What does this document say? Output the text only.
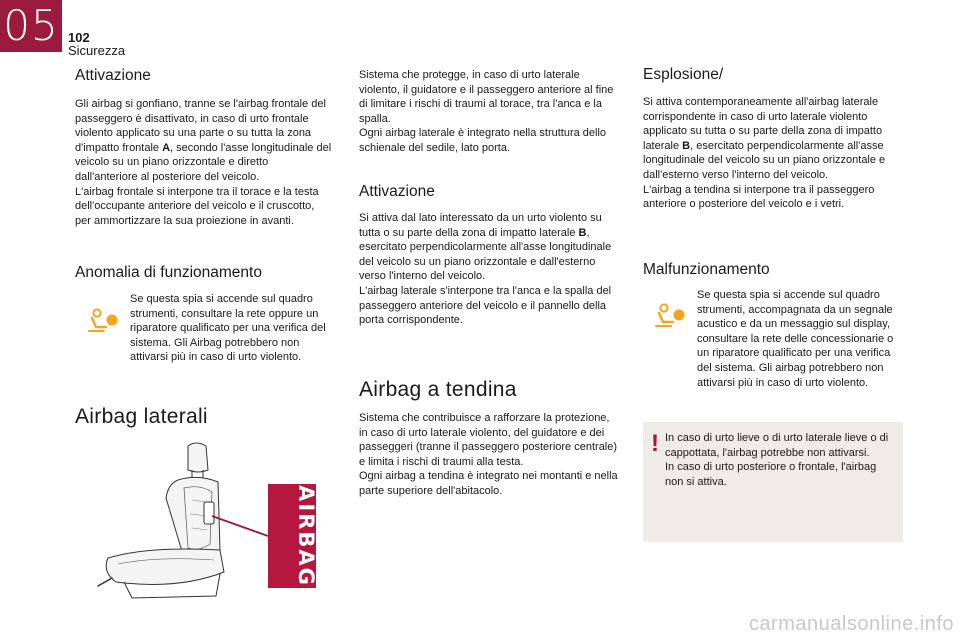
05 102
Sicurezza
Attivazione

Gli airbag si gonfiano, tranne se l'airbag frontale del passeggero è disattivato, in caso di urto frontale violento applicato su una parte o su tutta la zona d'impatto frontale A, secondo l'asse longitudinale del veicolo su un piano orizzontale e diretto dall'anteriore al posteriore del veicolo.

L'airbag frontale si interpone tra il torace e la testa dell'occupante anteriore del veicolo e il cruscotto, per ammortizzare la sua proiezione in avanti.

Anomalia di funzionamento
Se questa spia si accende sul quadro strumenti, consultare la rete oppure un riparatore qualificato per una verifica del sistema. Gli Airbag potrebbero non attivarsi più in caso di urto violento.
Airbag laterali
AIRBAG

Sistema che protegge, in caso di urto laterale violento, il guidatore e il passeggero anteriore al fine di limitare i rischi di traumi al torace, tra l'anca e la spalla.

Ogni airbag laterale è integrato nella struttura dello schienale del sedile, lato porta.

Attivazione

Si attiva dal lato interessato da un urto violento su tutta o su parte della zona di impatto laterale B, esercitato perpendicolarmente all'asse longitudinale del veicolo su un piano orizzontale e dall'esterno verso l'interno del veicolo.

L'airbag laterale s'interpone tra l'anca e la spalla del passeggero anteriore del veicolo e il pannello della porta corrispondente.

Airbag a tendina

Sistema che contribuisce a rafforzare la protezione, in caso di urto laterale violento, del guidatore e dei passeggeri (tranne il passeggero posteriore centrale) e limita i rischi di traumi alla testa.

Ogni airbag a tendina è integrato nei montanti e nella parte superiore dell'abitacolo.

Esplosione/

Si attiva contemporaneamente all'airbag laterale corrispondente in caso di urto laterale violento applicato su tutta o su parte della zona di impatto laterale B, esercitato perpendicolarmente all'asse longitudinale del veicolo su un piano orizzontale e dall'esterno verso l'interno del veicolo.

L'airbag a tendina si interpone tra il passeggero anteriore o posteriore del veicolo e i vetri.

Malfunzionamento
Se questa spia si accende sul quadro strumenti, accompagnata da un segnale acustico e da un messaggio sul display, consultare la rete delle concessionarie o un riparatore qualificato per una verifica del sistema. Gli airbag potrebbero non attivarsi più in caso di urto violento.
! In caso di urto lieve o di urto laterale lieve o di cappottata, l'airbag potrebbe non attivarsi.

In caso di urto posteriore o frontale, l'airbag non si attiva.

carmanualsonline.info
